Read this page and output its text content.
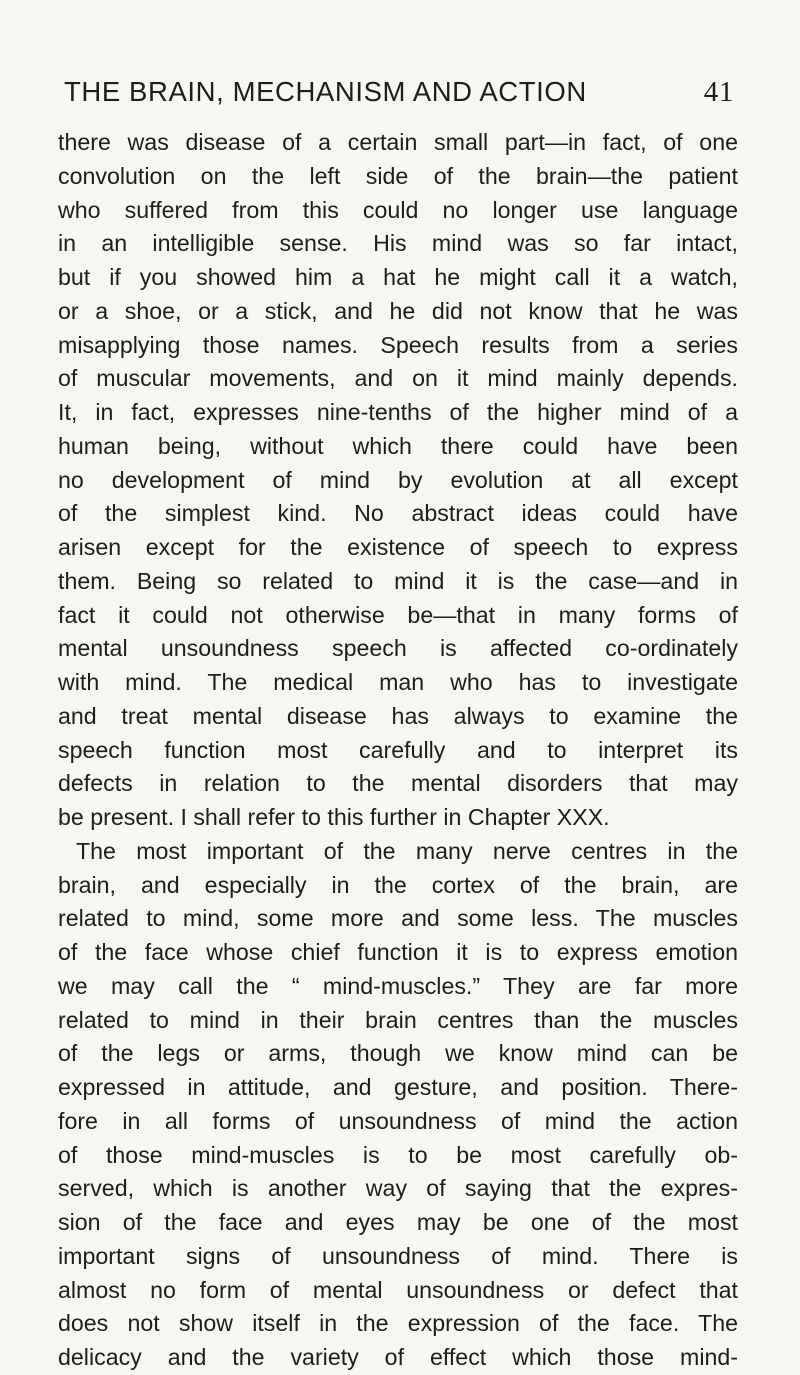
THE BRAIN, MECHANISM AND ACTION	41
there was disease of a certain small part—in fact, of one
convolution on the left side of the brain—the patient
who suffered from this could no longer use language
in an intelligible sense. His mind was so far intact,
but if you showed him a hat he might call it a watch,
or a shoe, or a stick, and he did not know that he was
misapplying those names. Speech results from a series
of muscular movements, and on it mind mainly depends.
It, in fact, expresses nine-tenths of the higher mind of a
human being, without which there could have been
no development of mind by evolution at all except
of the simplest kind. No abstract ideas could have
arisen except for the existence of speech to express
them. Being so related to mind it is the case—and in
fact it could not otherwise be—that in many forms of
mental unsoundness speech is affected co-ordinately
with mind. The medical man who has to investigate
and treat mental disease has always to examine the
speech function most carefully and to interpret its
defects in relation to the mental disorders that may
be present. I shall refer to this further in Chapter XXX.
The most important of the many nerve centres in the
brain, and especially in the cortex of the brain, are
related to mind, some more and some less. The muscles
of the face whose chief function it is to express emotion
we may call the “ mind-muscles.” They are far more
related to mind in their brain centres than the muscles
of the legs or arms, though we know mind can be
expressed in attitude, and gesture, and position. There-
fore in all forms of unsoundness of mind the action
of those mind-muscles is to be most carefully ob-
served, which is another way of saying that the expres-
sion of the face and eyes may be one of the most
important signs of unsoundness of mind. There is
almost no form of mental unsoundness or defect that
does not show itself in the expression of the face. The
delicacy and the variety of effect which those mind-
